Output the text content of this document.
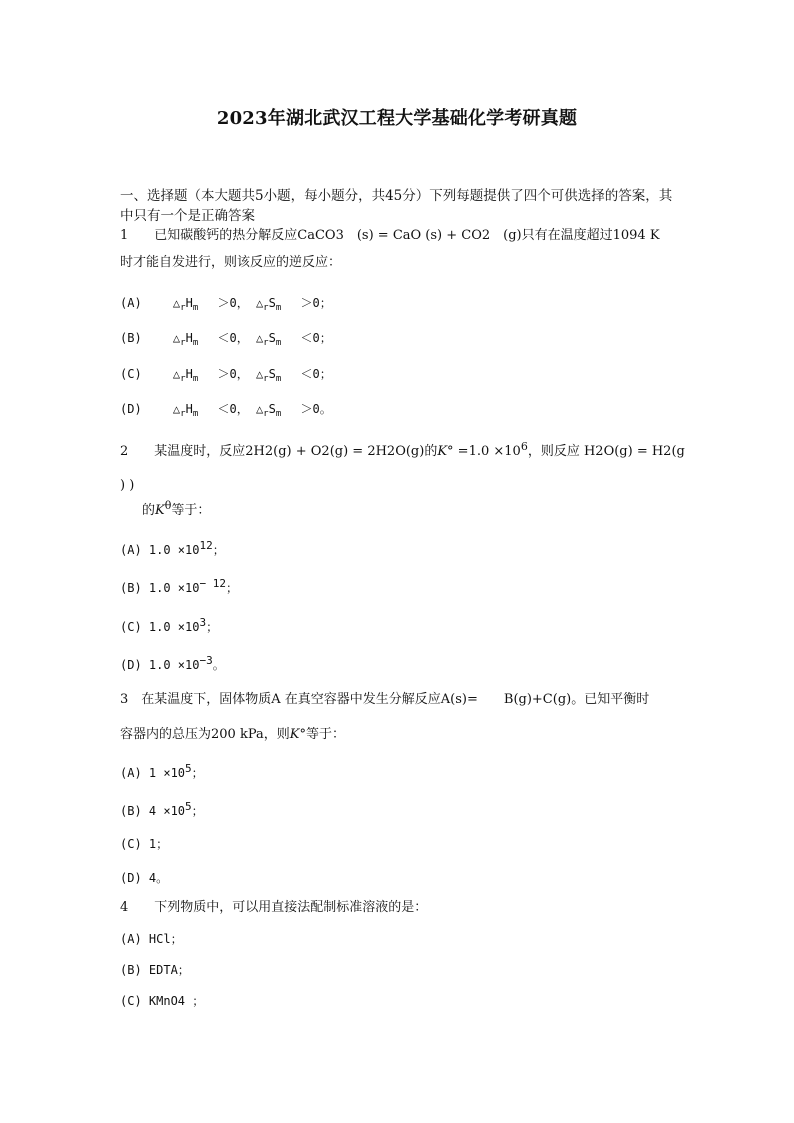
2023年湖北武汉工程大学基础化学考研真题
一、选择题（本大题共5小题，每小题分，共45分）下列每题提供了四个可供选择的答案，其中只有一个是正确答案
1　　已知碳酸钙的热分解反应CaCO3　(s) = CaO (s) + CO2　(g)只有在温度超过1094 K
时才能自发进行，则该反应的逆反应：
(A)	$\triangle_rH_m >0$， $\triangle_rS_m >0$；
(B)	$\triangle_rH_m <0$， $\triangle_rS_m <0$；
(C)	$\triangle_rH_m >0$， $\triangle_rS_m <0$；
(D)	$\triangle_rH_m <0$， $\triangle_rS_m >0$。
2　　某温度时，反应2H2(g) + O2(g) = 2H2O(g)的$K^\circ =1.0 \times 10^6$，则反应 H2O(g) = H2(g
) )
的$K^\theta$等于：
(A) $1.0 \times 10^{12}$；
(B) $1.0 \times 10^{- 12}$；
(C) $1.0 \times 10^3$；
(D) $1.0 \times 10^{-3}$。
3　在某温度下，固体物质A 在真空容器中发生分解反应A(s)=　　B(g)+C(g)。已知平衡时
容器内的总压为200 kPa，则K°等于：
(A) $1 \times 10^5$；
(B) $4 \times 10^5$；
(C) 1；
(D) 4。
4　　下列物质中，可以用直接法配制标准溶液的是：
(A) HCl；
(B) EDTA；
(C) KMnO4 ；
